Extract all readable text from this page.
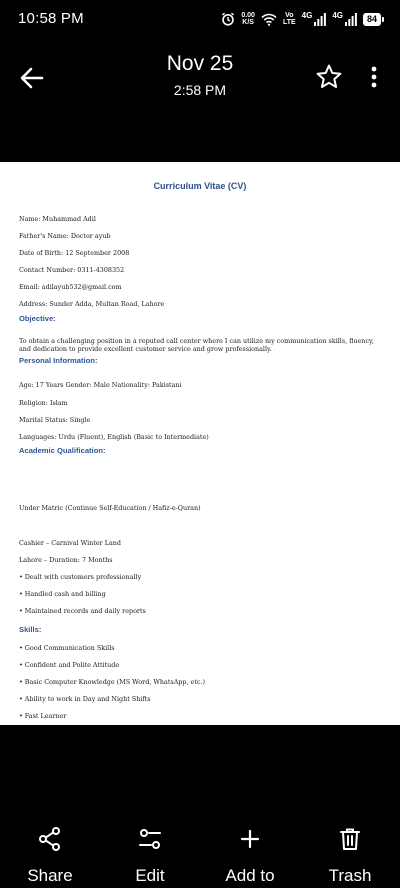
10:58 PM	0.00
K/S
Vo
LTE
4G	4G	84
Nov 25
2:58 PM
Curriculum Vitae (CV)
Name: Muhammad Adil
Father's Name: Doctor ayub
Date of Birth: 12 September 2008
Contact Number: 0311-4308352
Email: adilayub532@gmail.com
Address: Sunder Adda, Multan Road, Lahore
Objective:
To obtain a challenging position in a reputed call center where I can utilize my communication skills, fluency, and dedication to provide excellent customer service and grow professionally.
Personal Information:
Age: 17 Years Gender: Male Nationality: Pakistani
Religion: Islam
Marital Status: Single
Languages: Urdu (Fluent), English (Basic to Intermediate)
Academic Qualification:
Under Matric (Continue Self-Education / Hafiz-e-Quran)
Cashier – Carnival Winter Land
Lahore – Duration: 7 Months
• Dealt with customers professionally
• Handled cash and billing
• Maintained records and daily reports
Skills:
• Good Communication Skills
• Confident and Polite Attitude
• Basic Computer Knowledge (MS Word, WhatsApp, etc.)
• Ability to work in Day and Night Shifts
• Fast Learner
Share	Edit	Add to	Trash
